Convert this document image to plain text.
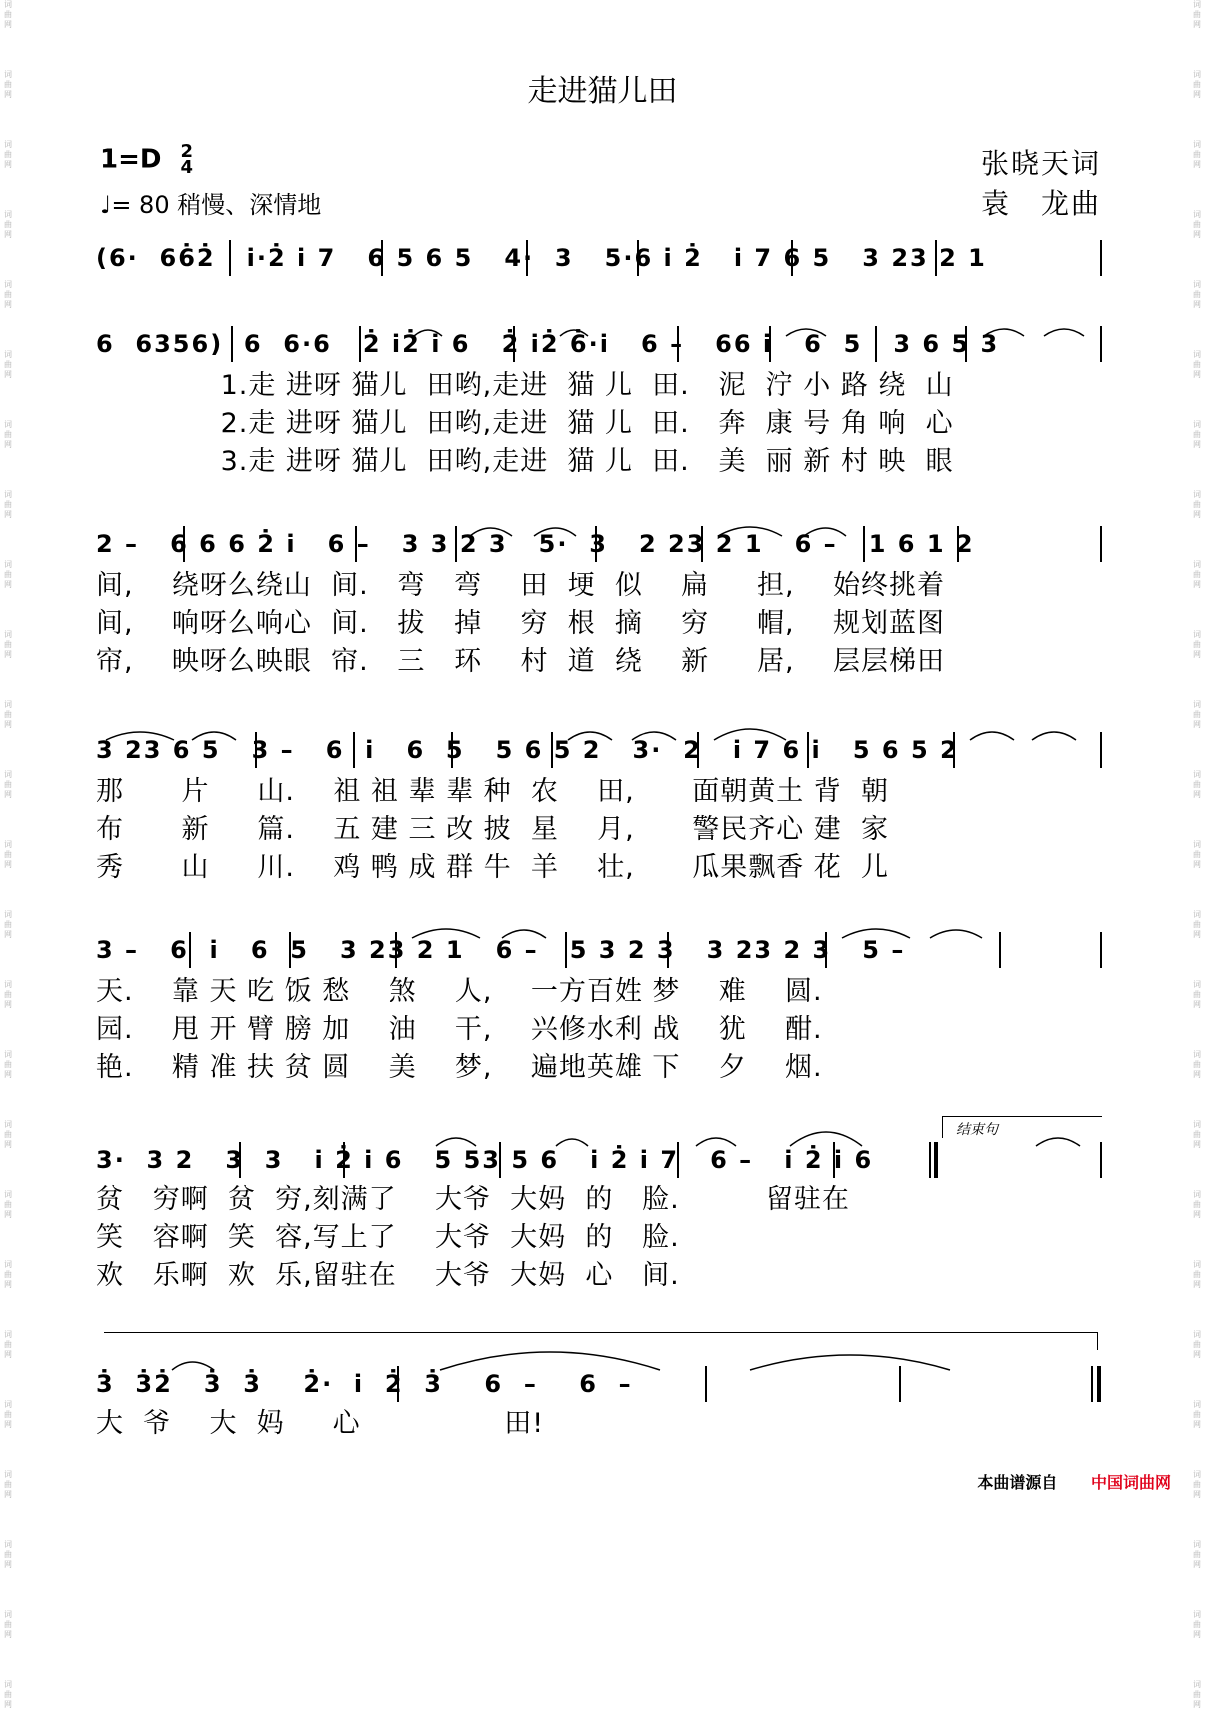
词曲网
词曲网
词曲网
词曲网
词曲网
词曲网
词曲网
词曲网
词曲网
词曲网
词曲网
词曲网
词曲网
词曲网
词曲网
词曲网
词曲网
词曲网
词曲网
词曲网
词曲网
词曲网
词曲网
词曲网
词曲网
词曲网
词曲网
词曲网
词曲网
词曲网
词曲网
词曲网
词曲网
词曲网
词曲网
词曲网
词曲网
词曲网
词曲网
词曲网
词曲网
词曲网
词曲网
词曲网
词曲网
词曲网
词曲网
词曲网
词曲网
词曲网
走进猫儿田
1=D 2
4
♩= 80 稍慢、深情地
张晓天词
袁　龙曲
(6·  66̇2̇   i̇·2̇ i̇ 7   6 5 6 5   4·  3   5·6 i̇ 2̇   i̇ 7 6 5   3 23 2 1
6  6356)  6  6·6   2̇ i̇2̇ i̇ 6   2̇ i̇2̇ 6̇·i̇   6 –   66 i̇   6  5   3 6 5 3
1.走 进呀 猫儿  田哟,走进  猫 儿  田.   泥  泞 小 路 绕  山
2.走 进呀 猫儿  田哟,走进  猫 儿  田.   奔  康 号 角 响  心
3.走 进呀 猫儿  田哟,走进  猫 儿  田.   美  丽 新 村 映  眼
2 –   6 6 6 2̇ i̇   6 –   3 3 2 3   5·  3   2 23 2 1   6 –   1 6 1 2
间,    绕呀么绕山  间.   弯   弯    田  埂  似    扁     担,    始终挑着
间,    响呀么响心  间.   拔   掉    穷  根  摘    穷     帽,    规划蓝图
帘,    映呀么映眼  帘.   三   环    村  道  绕    新     居,    层层梯田
3 23 6 5   3 –   6  i̇   6  5   5 6 5 2   3·  2   i̇ 7 6 i̇   5 6 5 2
那      片     山.    祖 祖 辈 辈 种  农    田,      面朝黄土 背  朝
布      新     篇.    五 建 三 改 披  星    月,      警民齐心 建  家
秀      山     川.    鸡 鸭 成 群 牛  羊    壮,      瓜果飘香 花  儿
3 –   6  i̇   6  5   3 23 2 1   6 –   5 3 2 3   3 23 2 3   5 –
天.    靠 天 吃 饭 愁    煞    人,    一方百姓 梦    难    圆.
园.    甩 开 臂 膀 加    油    干,    兴修水利 战    犹    酣.
艳.    精 准 扶 贫 圆    美    梦,    遍地英雄 下    夕    烟.
结束句
3·  3 2   3  3   i̇ 2̇ i̇ 6   5 53 5 6   i̇ 2̇ i̇ 7   6 –   i̇ 2̇ i̇ 6
贫   穷啊  贫  穷,刻满了    大爷  大妈  的   脸.         留驻在
笑   容啊  笑  容,写上了    大爷  大妈  的   脸.
欢   乐啊  欢  乐,留驻在    大爷  大妈  心   间.
3̇  3̇2̇   3̇  3̇    2̇·  i̇  2̇  3̇    6  –    6  –
大  爷    大  妈     心               田!
本曲谱源自 中国词曲网
